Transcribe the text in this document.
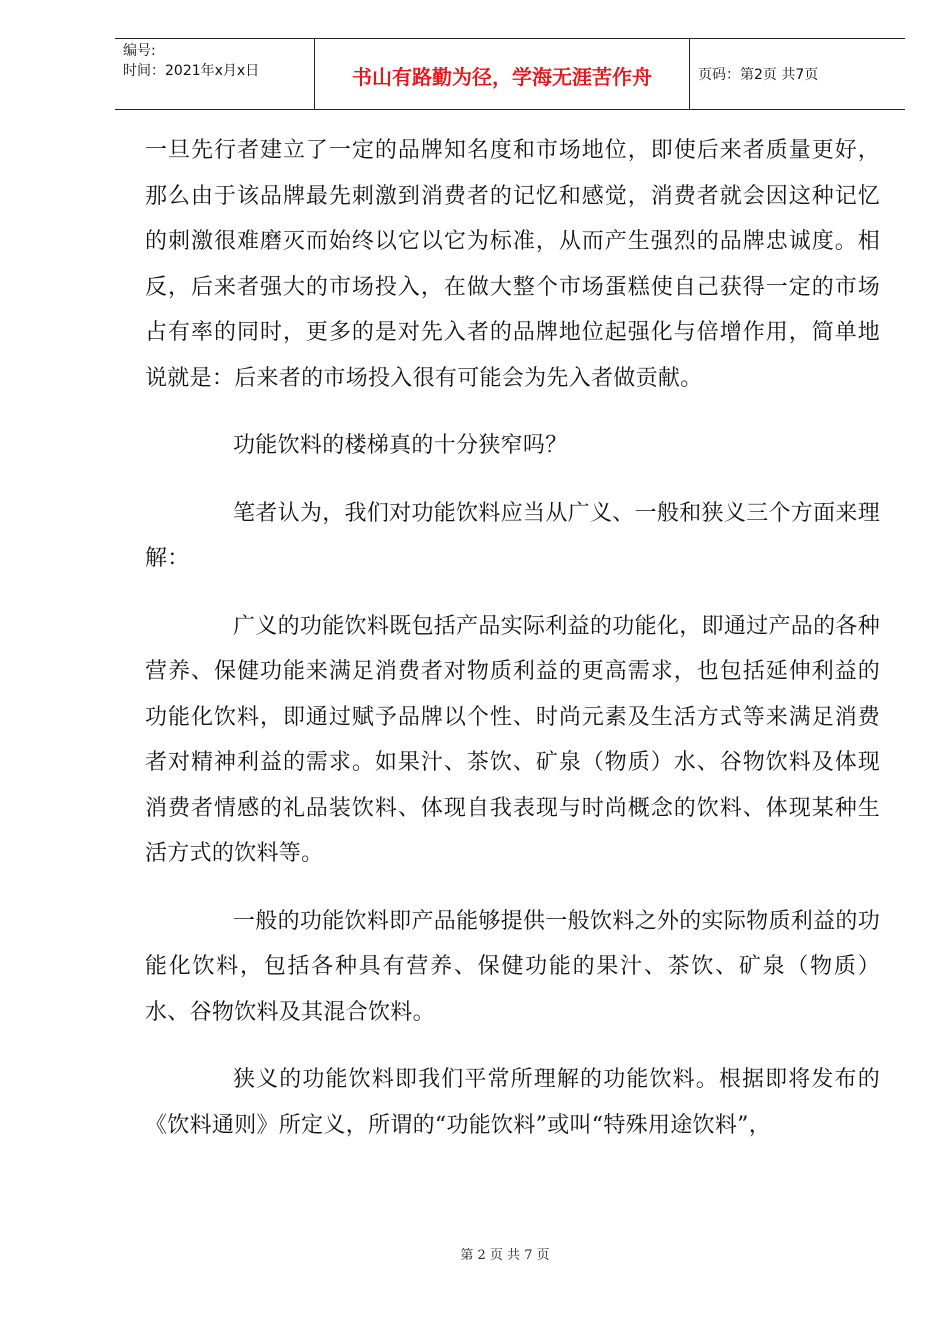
编号:
时间：2021年x月x日	书山有路勤为径，学海无涯苦作舟	页码：第2页 共7页

一旦先行者建立了一定的品牌知名度和市场地位，即使后来者质量更好，那么由于该品牌最先刺激到消费者的记忆和感觉，消费者就会因这种记忆的刺激很难磨灭而始终以它以它为标准，从而产生强烈的品牌忠诚度。相反，后来者强大的市场投入，在做大整个市场蛋糕使自己获得一定的市场占有率的同时，更多的是对先入者的品牌地位起强化与倍增作用，简单地说就是：后来者的市场投入很有可能会为先入者做贡献。

功能饮料的楼梯真的十分狭窄吗？

笔者认为，我们对功能饮料应当从广义、一般和狭义三个方面来理解：

广义的功能饮料既包括产品实际利益的功能化，即通过产品的各种营养、保健功能来满足消费者对物质利益的更高需求，也包括延伸利益的功能化饮料，即通过赋予品牌以个性、时尚元素及生活方式等来满足消费者对精神利益的需求。如果汁、茶饮、矿泉（物质）水、谷物饮料及体现消费者情感的礼品装饮料、体现自我表现与时尚概念的饮料、体现某种生活方式的饮料等。

一般的功能饮料即产品能够提供一般饮料之外的实际物质利益的功能化饮料，包括各种具有营养、保健功能的果汁、茶饮、矿泉（物质）水、谷物饮料及其混合饮料。

狭义的功能饮料即我们平常所理解的功能饮料。根据即将发布的《饮料通则》所定义，所谓的“功能饮料”或叫“特殊用途饮料”，

第 2 页 共 7 页
